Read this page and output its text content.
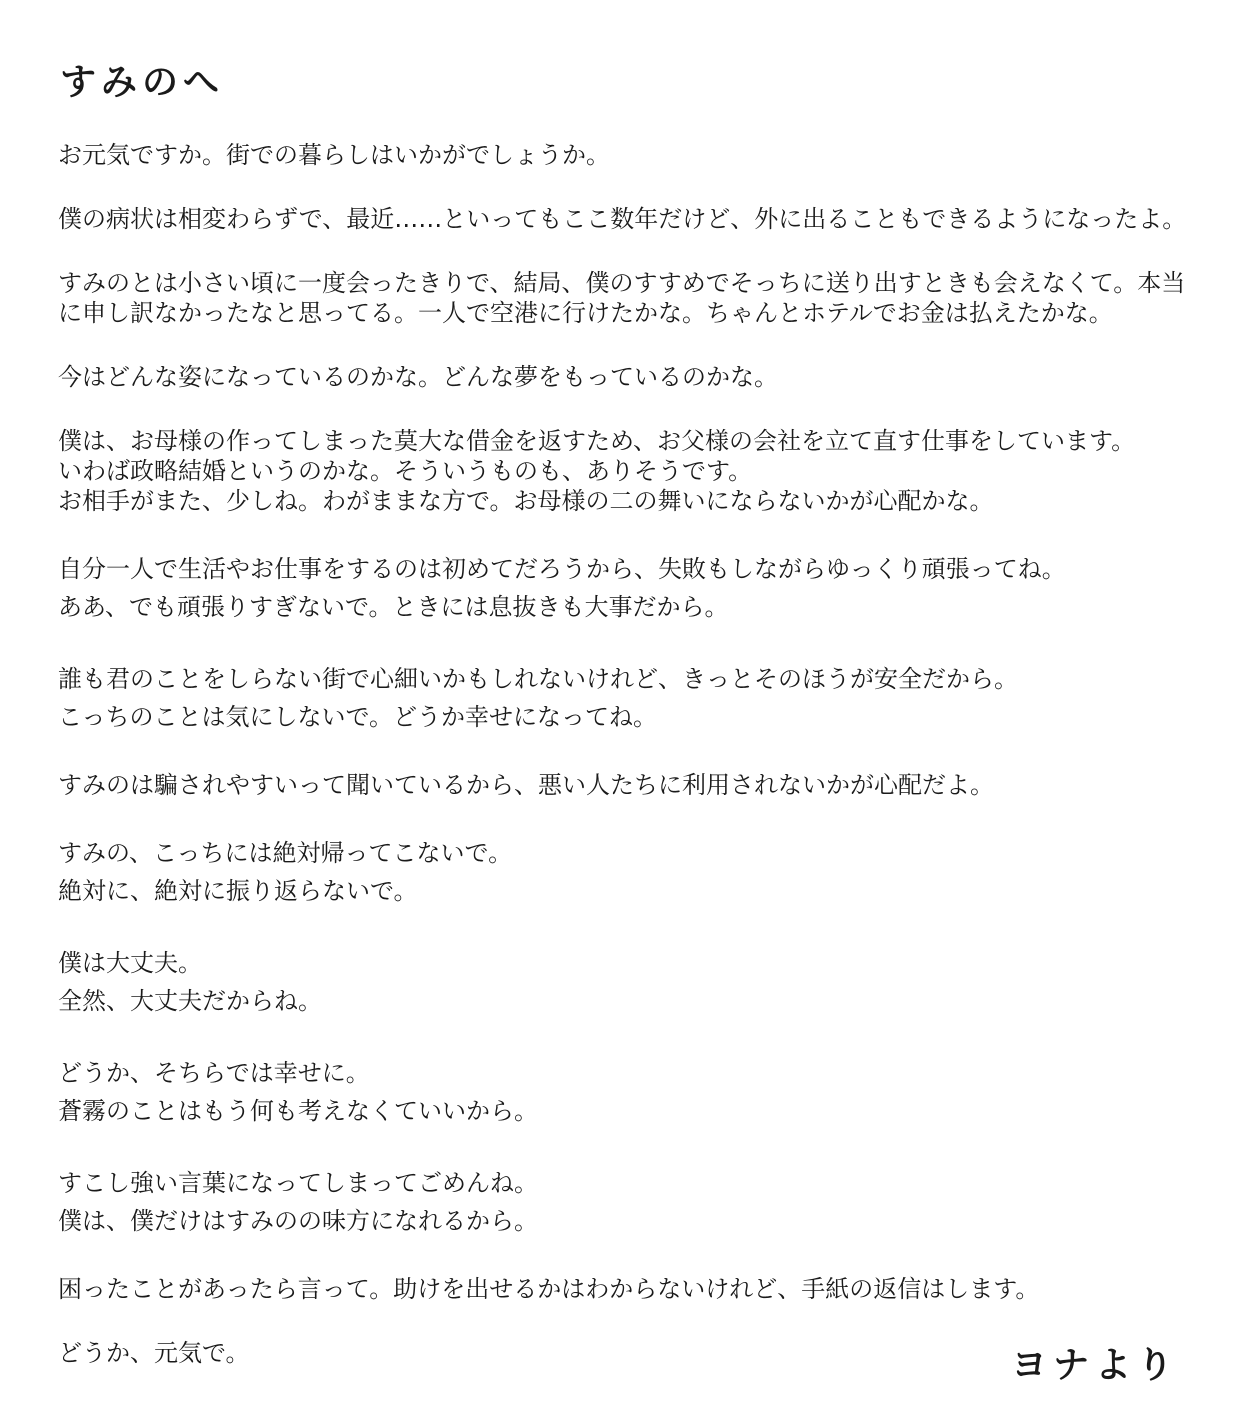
すみのへ
お元気ですか。街での暮らしはいかがでしょうか。
僕の病状は相変わらずで、最近……といってもここ数年だけど、外に出ることもできるようになったよ。
すみのとは小さい頃に一度会ったきりで、結局、僕のすすめでそっちに送り出すときも会えなくて。本当に申し訳なかったなと思ってる。一人で空港に行けたかな。ちゃんとホテルでお金は払えたかな。
今はどんな姿になっているのかな。どんな夢をもっているのかな。
僕は、お母様の作ってしまった莫大な借金を返すため、お父様の会社を立て直す仕事をしています。
いわば政略結婚というのかな。そういうものも、ありそうです。
お相手がまた、少しね。わがままな方で。お母様の二の舞いにならないかが心配かな。
自分一人で生活やお仕事をするのは初めてだろうから、失敗もしながらゆっくり頑張ってね。
ああ、でも頑張りすぎないで。ときには息抜きも大事だから。
誰も君のことをしらない街で心細いかもしれないけれど、きっとそのほうが安全だから。
こっちのことは気にしないで。どうか幸せになってね。
すみのは騙されやすいって聞いているから、悪い人たちに利用されないかが心配だよ。
すみの、こっちには絶対帰ってこないで。
絶対に、絶対に振り返らないで。
僕は大丈夫。
全然、大丈夫だからね。
どうか、そちらでは幸せに。
蒼霧のことはもう何も考えなくていいから。
すこし強い言葉になってしまってごめんね。
僕は、僕だけはすみのの味方になれるから。
困ったことがあったら言って。助けを出せるかはわからないけれど、手紙の返信はします。
どうか、元気で。	ヨナより
